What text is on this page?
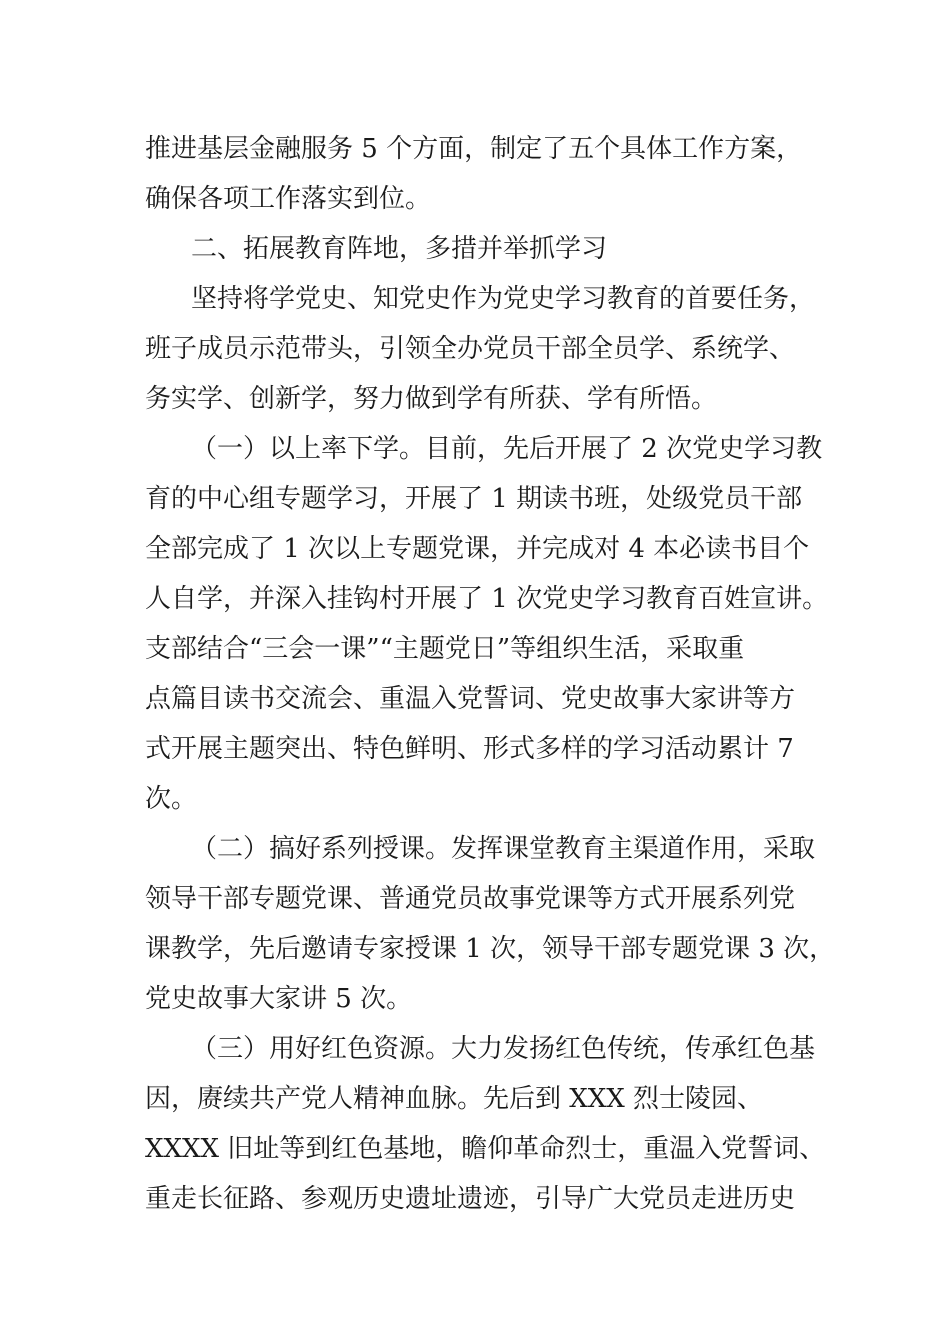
推进基层金融服务 5 个方面，制定了五个具体工作方案，
确保各项工作落实到位。
二、拓展教育阵地，多措并举抓学习
坚持将学党史、知党史作为党史学习教育的首要任务，
班子成员示范带头，引领全办党员干部全员学、系统学、
务实学、创新学，努力做到学有所获、学有所悟。
（一）以上率下学。目前，先后开展了 2 次党史学习教
育的中心组专题学习，开展了 1 期读书班，处级党员干部
全部完成了 1 次以上专题党课，并完成对 4 本必读书目个
人自学，并深入挂钩村开展了 1 次党史学习教育百姓宣讲。
支部结合“三会一课”“主题党日”等组织生活，采取重
点篇目读书交流会、重温入党誓词、党史故事大家讲等方
式开展主题突出、特色鲜明、形式多样的学习活动累计 7
次。
（二）搞好系列授课。发挥课堂教育主渠道作用，采取
领导干部专题党课、普通党员故事党课等方式开展系列党
课教学，先后邀请专家授课 1 次，领导干部专题党课 3 次，
党史故事大家讲 5 次。
（三）用好红色资源。大力发扬红色传统，传承红色基
因，赓续共产党人精神血脉。先后到 XXX 烈士陵园、
XXXX 旧址等到红色基地，瞻仰革命烈士，重温入党誓词、
重走长征路、参观历史遗址遗迹，引导广大党员走进历史
